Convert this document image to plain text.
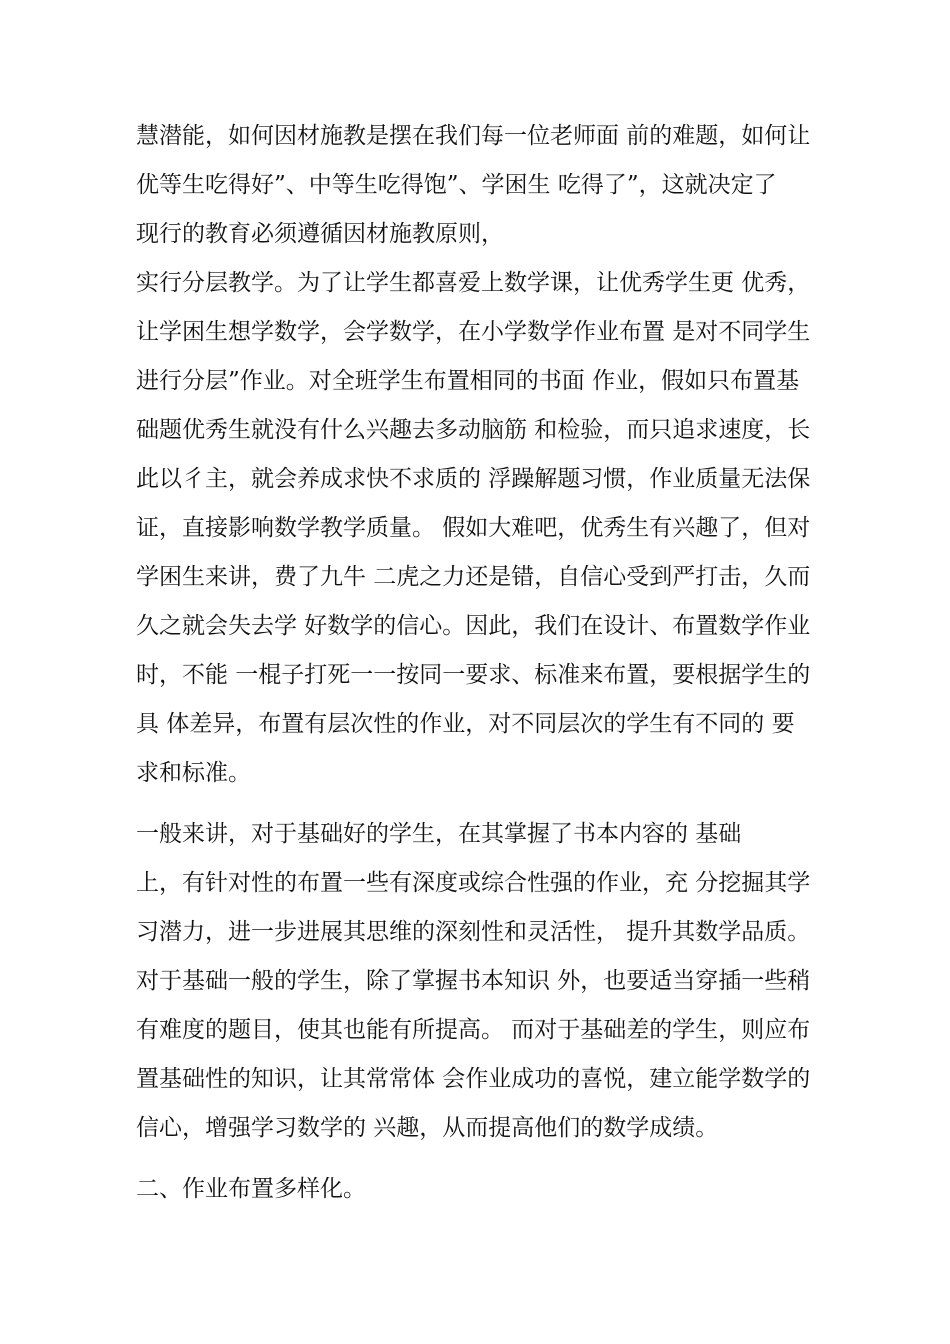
慧潜能，如何因材施教是摆在我们每一位老师面 前的难题，如何让
优等生吃得好”、中等生吃得饱”、学困生 吃得了”，这就决定了
现行的教育必须遵循因材施教原则，
实行分层教学。为了让学生都喜爱上数学课，让优秀学生更 优秀，
让学困生想学数学，会学数学，在小学数学作业布置 是对不同学生
进行分层”作业。对全班学生布置相同的书面 作业，假如只布置基
础题优秀生就没有什么兴趣去多动脑筋 和检验，而只追求速度，长
此以彳主，就会养成求快不求质的 浮躁解题习惯，作业质量无法保
证，直接影响数学教学质量。 假如大难吧，优秀生有兴趣了，但对
学困生来讲，费了九牛 二虎之力还是错，自信心受到严打击，久而
久之就会失去学 好数学的信心。因此，我们在设计、布置数学作业
时，不能 一棍子打死一一按同一要求、标准来布置，要根据学生的
具 体差异，布置有层次性的作业，对不同层次的学生有不同的 要
求和标准。
一般来讲，对于基础好的学生，在其掌握了书本内容的 基础
上，有针对性的布置一些有深度或综合性强的作业，充 分挖掘其学
习潜力，进一步进展其思维的深刻性和灵活性， 提升其数学品质。
对于基础一般的学生，除了掌握书本知识 外，也要适当穿插一些稍
有难度的题目，使其也能有所提高。 而对于基础差的学生，则应布
置基础性的知识，让其常常体 会作业成功的喜悦，建立能学数学的
信心，增强学习数学的 兴趣，从而提高他们的数学成绩。
二、作业布置多样化。
